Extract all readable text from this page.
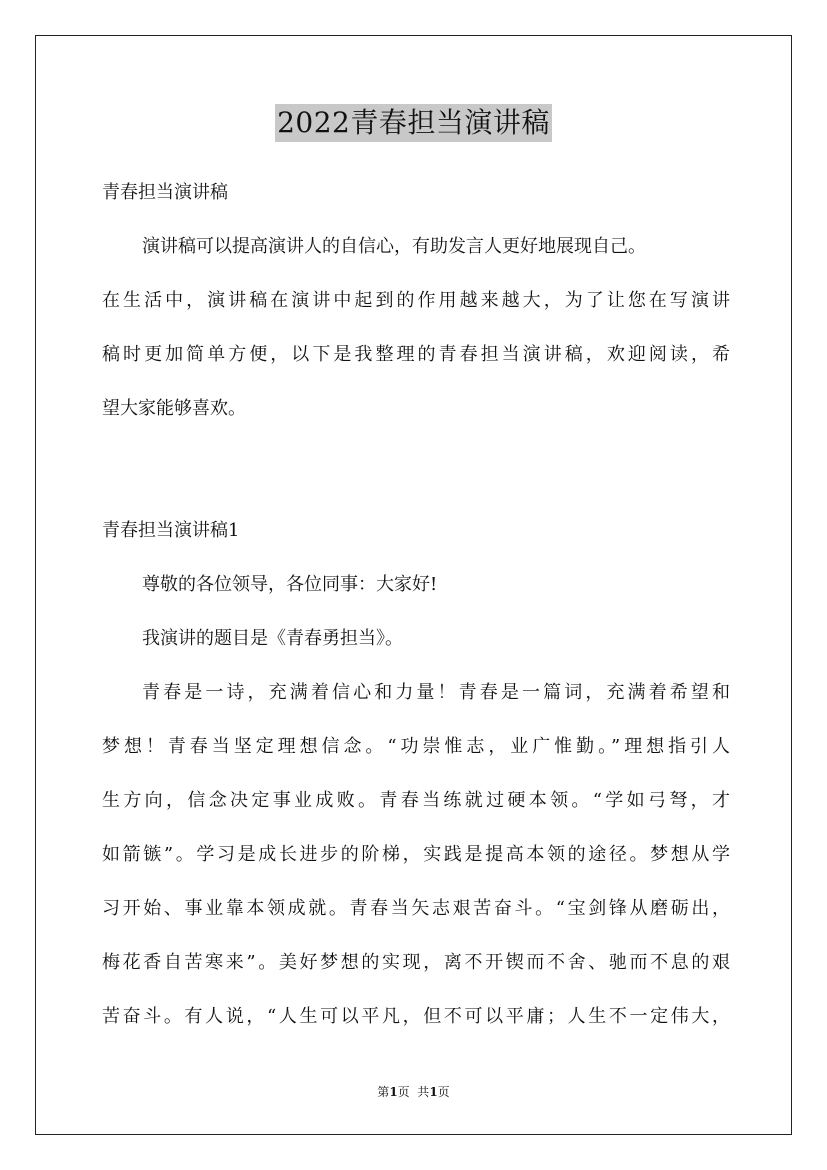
2022青春担当演讲稿
青春担当演讲稿
演讲稿可以提高演讲人的自信心，有助发言人更好地展现自己。
在生活中，演讲稿在演讲中起到的作用越来越大，为了让您在写演讲
稿时更加简单方便，以下是我整理的青春担当演讲稿，欢迎阅读，希
望大家能够喜欢。
青春担当演讲稿1
尊敬的各位领导，各位同事：大家好!
我演讲的题目是《青春勇担当》。
青春是一诗，充满着信心和力量！青春是一篇词，充满着希望和
梦想！青春当坚定理想信念。“功崇惟志，业广惟勤。”理想指引人
生方向，信念决定事业成败。青春当练就过硬本领。“学如弓弩，才
如箭镞”。学习是成长进步的阶梯，实践是提高本领的途径。梦想从学
习开始、事业靠本领成就。青春当矢志艰苦奋斗。“宝剑锋从磨砺出，
梅花香自苦寒来”。美好梦想的实现，离不开锲而不舍、驰而不息的艰
苦奋斗。有人说，“人生可以平凡，但不可以平庸；人生不一定伟大，
第1页  共1页
